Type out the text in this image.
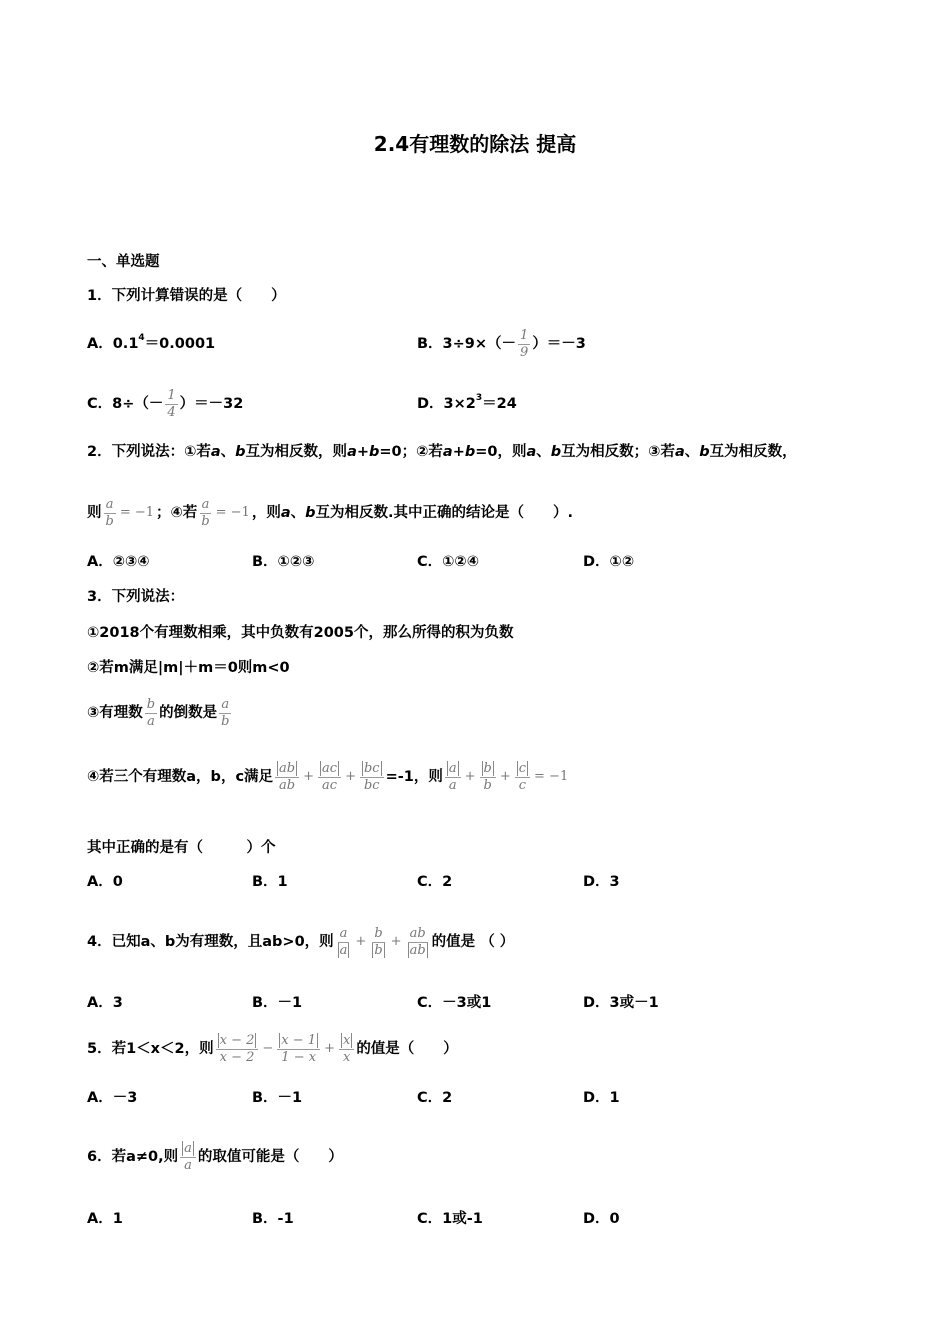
2.4有理数的除法 提高
一、单选题
1．下列计算错误的是（　　）
A．$0.1^4=0.0001$	B．$3\div 9\times(- \frac{1}{9} )=-3$
C．$8\div(- \frac{1}{4} )=-32$	D．$3\times 2^3=24$
2．下列说法：①若a、b互为相反数，则a+b=0；②若a+b=0，则a、b互为相反数；③若a、b互为相反数，
则 $\frac{a}{b} = -1$ ；④若 $\frac{a}{b} = -1$ ，则a、b互为相反数.其中正确的结论是（　　）.
A．②③④	B．①②③	C．①②④	D．①②
3．下列说法：
①2018个有理数相乘，其中负数有2005个，那么所得的积为负数
②若m满足|m|＋m＝0则m<0
③有理数 $\frac{b}{a}$ 的倒数是 $\frac{a}{b}$
④若三个有理数a，b，c满足 $\frac{ab}{ab} + \frac{ac}{ac} + \frac{bc}{bc} =-1$，则 $\frac{a}{a} + \frac{b}{b} + \frac{c}{c} = -1$
其中正确的是有（　　　）个
A．0	B．1	C．2	D．3
4．已知a、b为有理数，且ab>0，则 $\frac{a}{a} + \frac{b}{b} + \frac{ab}{ab}$ 的值是 （ ）
A．3	B．－1	C．－3或1	D．3或－1
5．若1＜x＜2，则 $\frac{x - 2}{x - 2} - \frac{x - 1}{1 - x} + \frac{x}{x}$ 的值是（　　）
A．－3	B．－1	C．2	D．1
6．若a≠0,则 $\frac{a}{a}$ 的取值可能是（　　）
A．1	B．-1	C．1或-1	D．0
